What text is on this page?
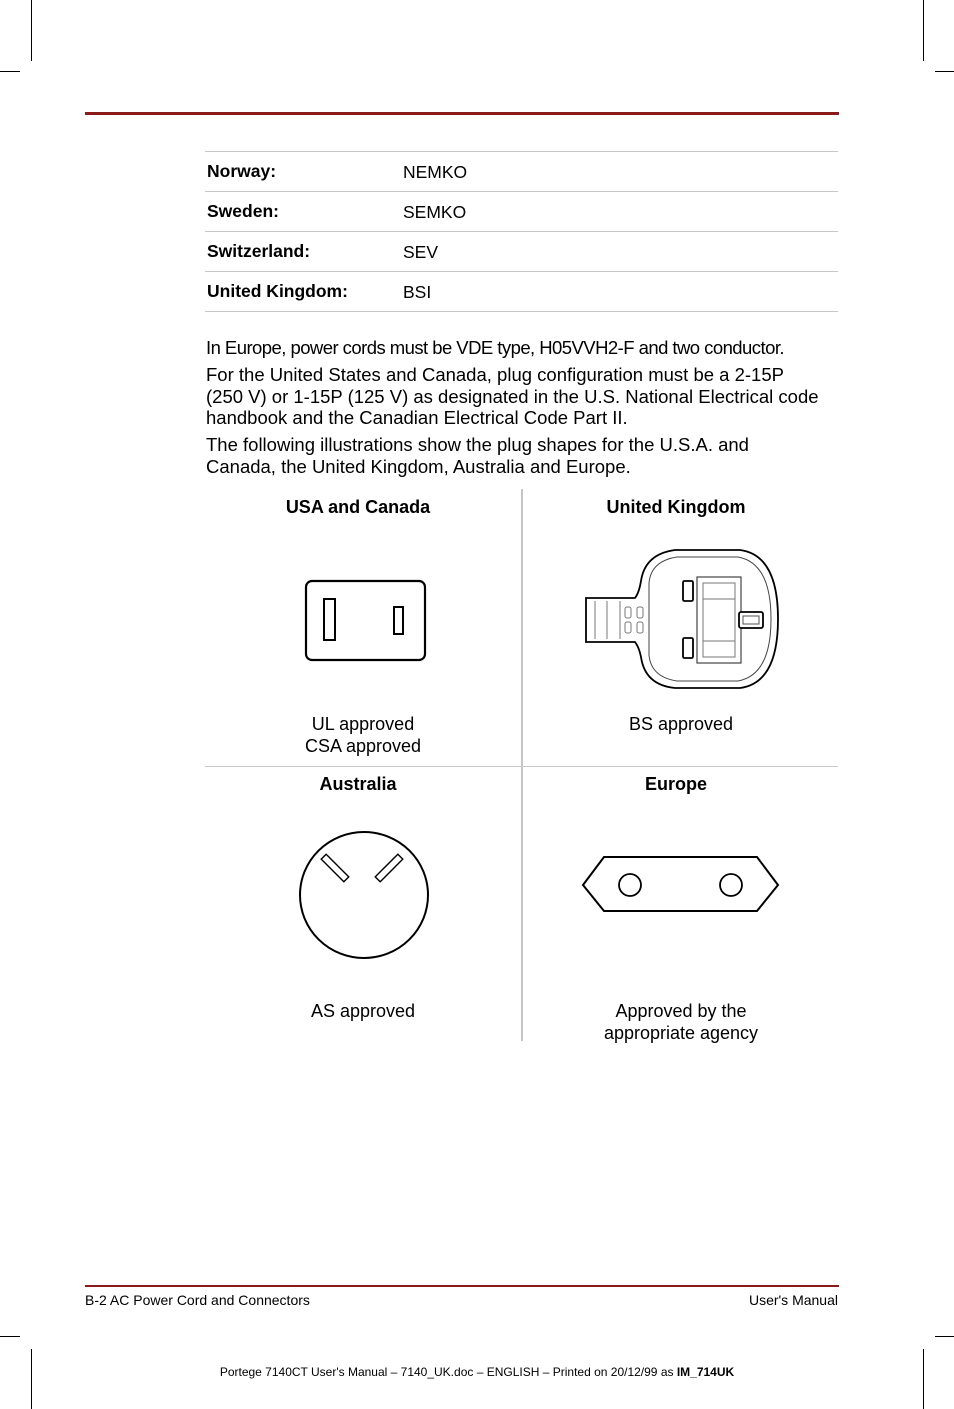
Norway:	NEMKO
Sweden:	SEMKO
Switzerland:	SEV
United Kingdom:	BSI
In Europe, power cords must be VDE type, H05VVH2-F and two conductor.
For the United States and Canada, plug configuration must be a 2-15P (250 V) or 1-15P (125 V) as designated in the U.S. National Electrical code handbook and the Canadian Electrical Code Part II.
The following illustrations show the plug shapes for the U.S.A. and Canada, the United Kingdom, Australia and Europe.
USA and Canada
UL approved
CSA approved
United Kingdom
BS approved
Australia
AS approved
Europe
Approved by the
appropriate agency
B-2 AC Power Cord and Connectors	User's Manual
Portege 7140CT User's Manual – 7140_UK.doc – ENGLISH – Printed on 20/12/99 as IM_714UK
